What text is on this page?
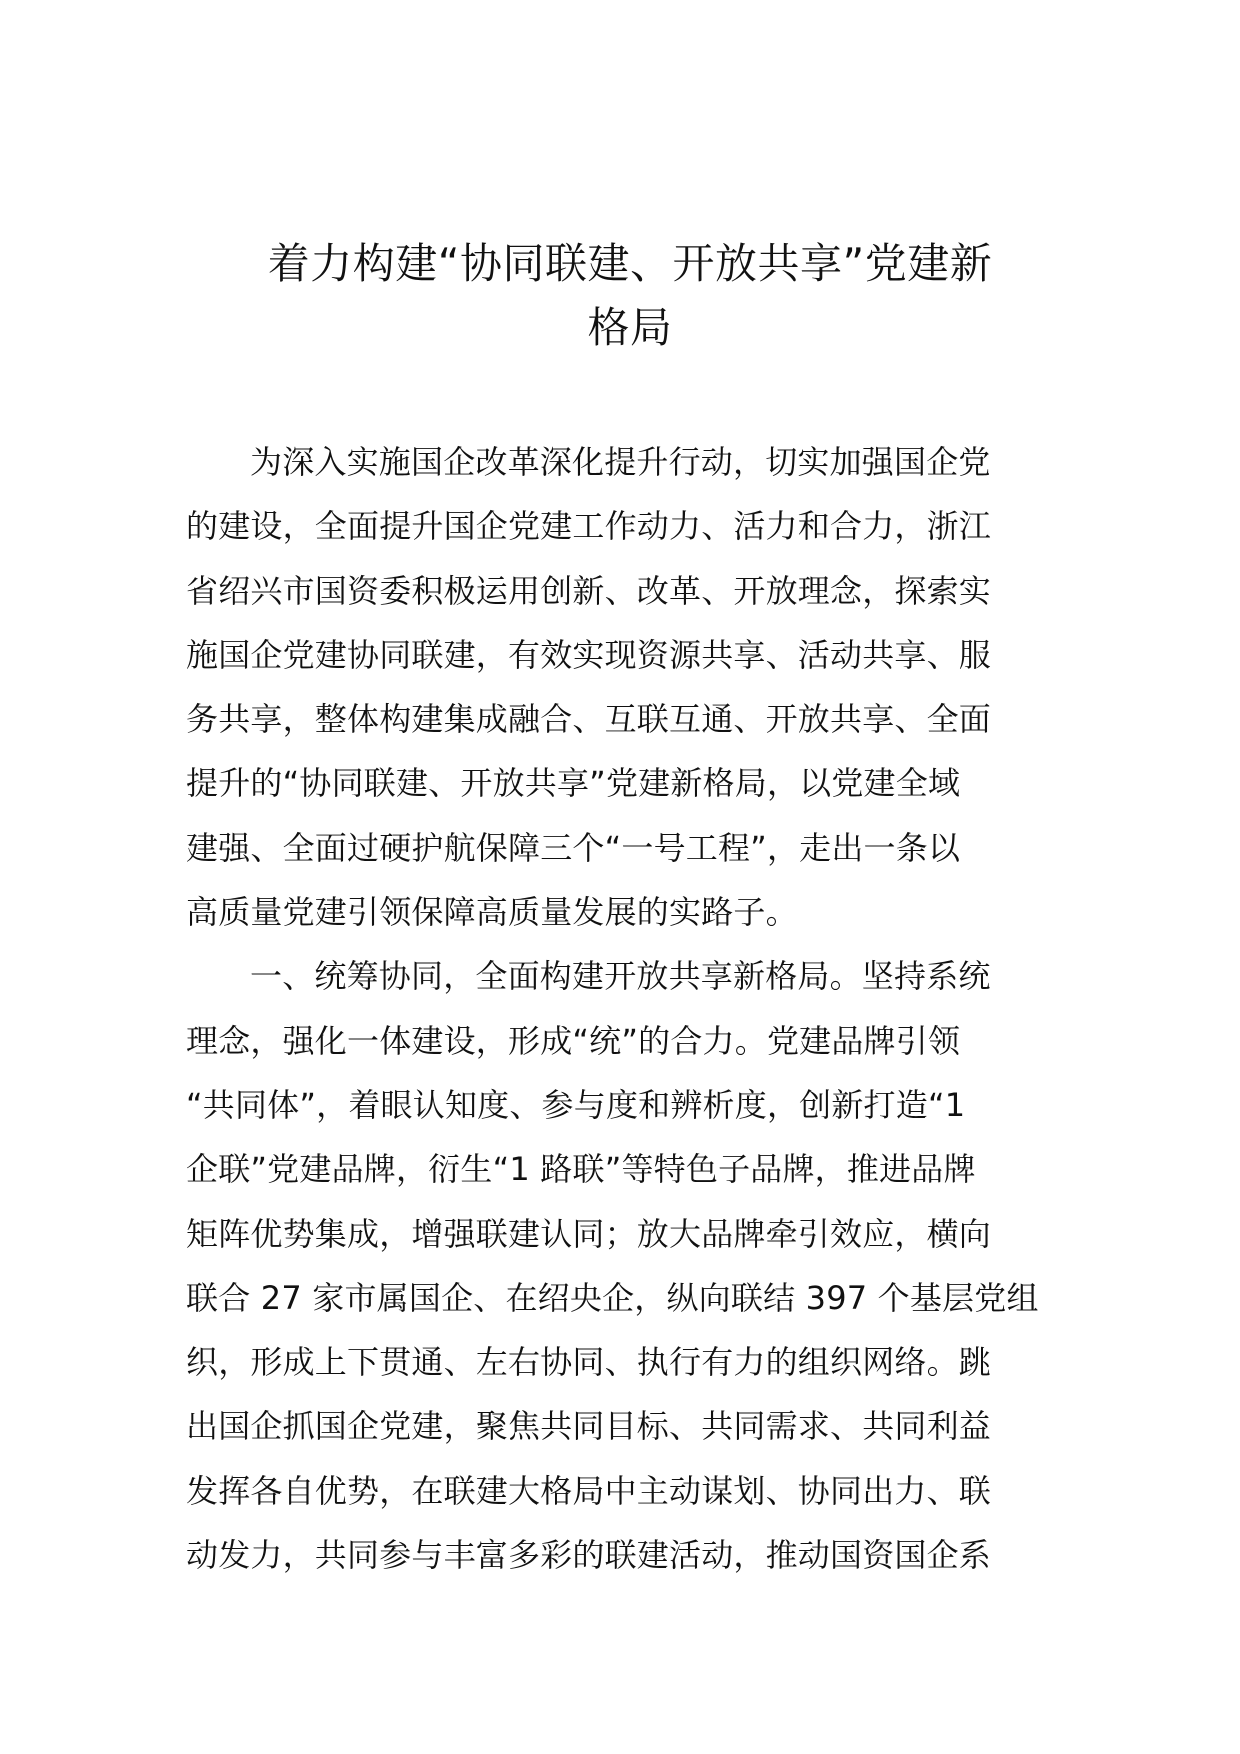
着力构建“协同联建、开放共享”党建新
格局

为深入实施国企改革深化提升行动，切实加强国企党
的建设，全面提升国企党建工作动力、活力和合力，浙江
省绍兴市国资委积极运用创新、改革、开放理念，探索实
施国企党建协同联建，有效实现资源共享、活动共享、服
务共享，整体构建集成融合、互联互通、开放共享、全面
提升的“协同联建、开放共享”党建新格局，以党建全域
建强、全面过硬护航保障三个“一号工程”，走出一条以
高质量党建引领保障高质量发展的实路子。

一、统筹协同，全面构建开放共享新格局。坚持系统
理念，强化一体建设，形成“统”的合力。党建品牌引领
“共同体”，着眼认知度、参与度和辨析度，创新打造“1
企联”党建品牌，衍生“1 路联”等特色子品牌，推进品牌
矩阵优势集成，增强联建认同；放大品牌牵引效应，横向
联合 27 家市属国企、在绍央企，纵向联结 397 个基层党组
织，形成上下贯通、左右协同、执行有力的组织网络。跳
出国企抓国企党建，聚焦共同目标、共同需求、共同利益
发挥各自优势，在联建大格局中主动谋划、协同出力、联
动发力，共同参与丰富多彩的联建活动，推动国资国企系
